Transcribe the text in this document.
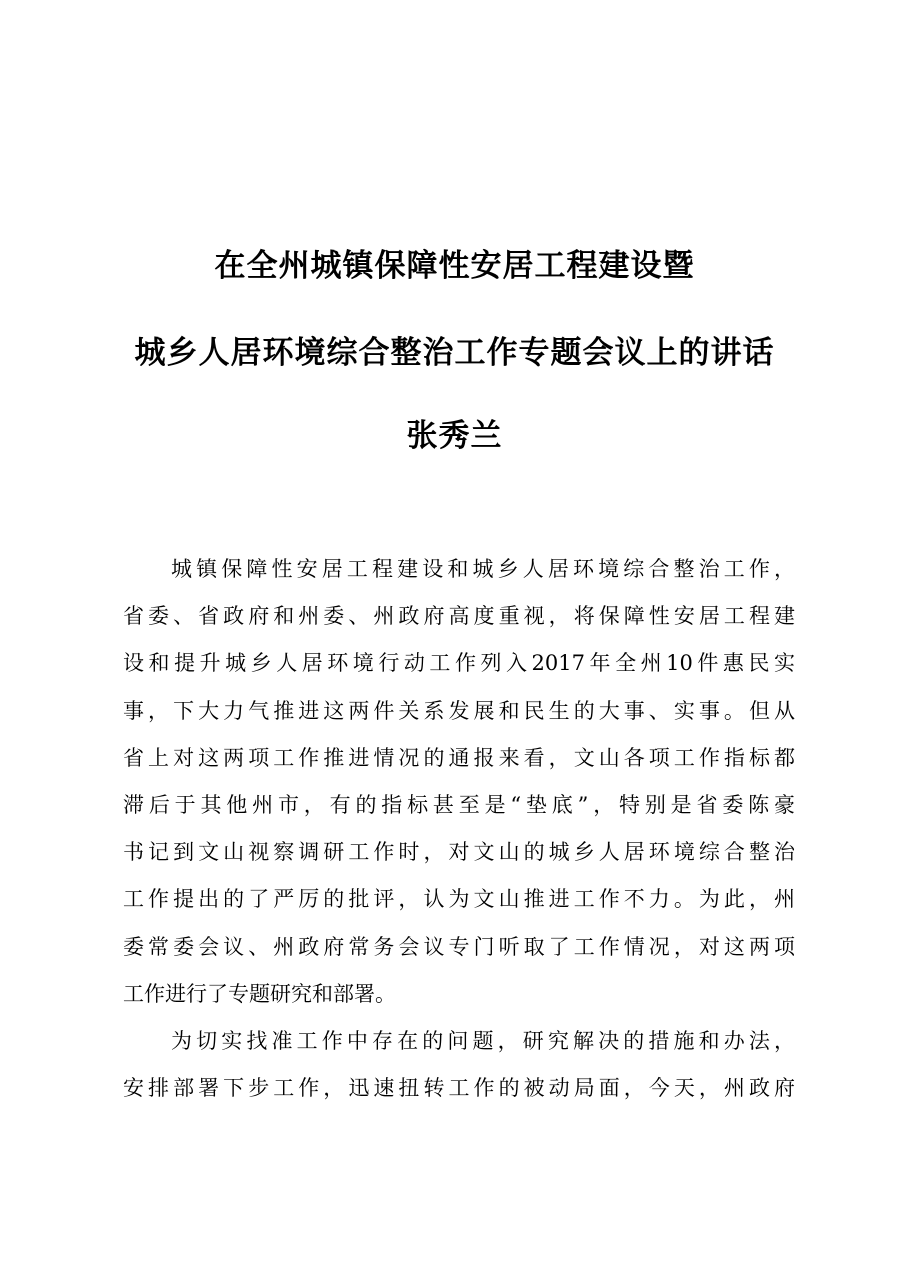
在全州城镇保障性安居工程建设暨
城乡人居环境综合整治工作专题会议上的讲话
张秀兰
城镇保障性安居工程建设和城乡人居环境综合整治工作，
省委、省政府和州委、州政府高度重视，将保障性安居工程建
设和提升城乡人居环境行动工作列入2017年全州10件惠民实
事，下大力气推进这两件关系发展和民生的大事、实事。但从
省上对这两项工作推进情况的通报来看，文山各项工作指标都
滞后于其他州市，有的指标甚至是“垫底”，特别是省委陈豪
书记到文山视察调研工作时，对文山的城乡人居环境综合整治
工作提出的了严厉的批评，认为文山推进工作不力。为此，州
委常委会议、州政府常务会议专门听取了工作情况，对这两项
工作进行了专题研究和部署。
为切实找准工作中存在的问题，研究解决的措施和办法，
安排部署下步工作，迅速扭转工作的被动局面，今天，州政府
